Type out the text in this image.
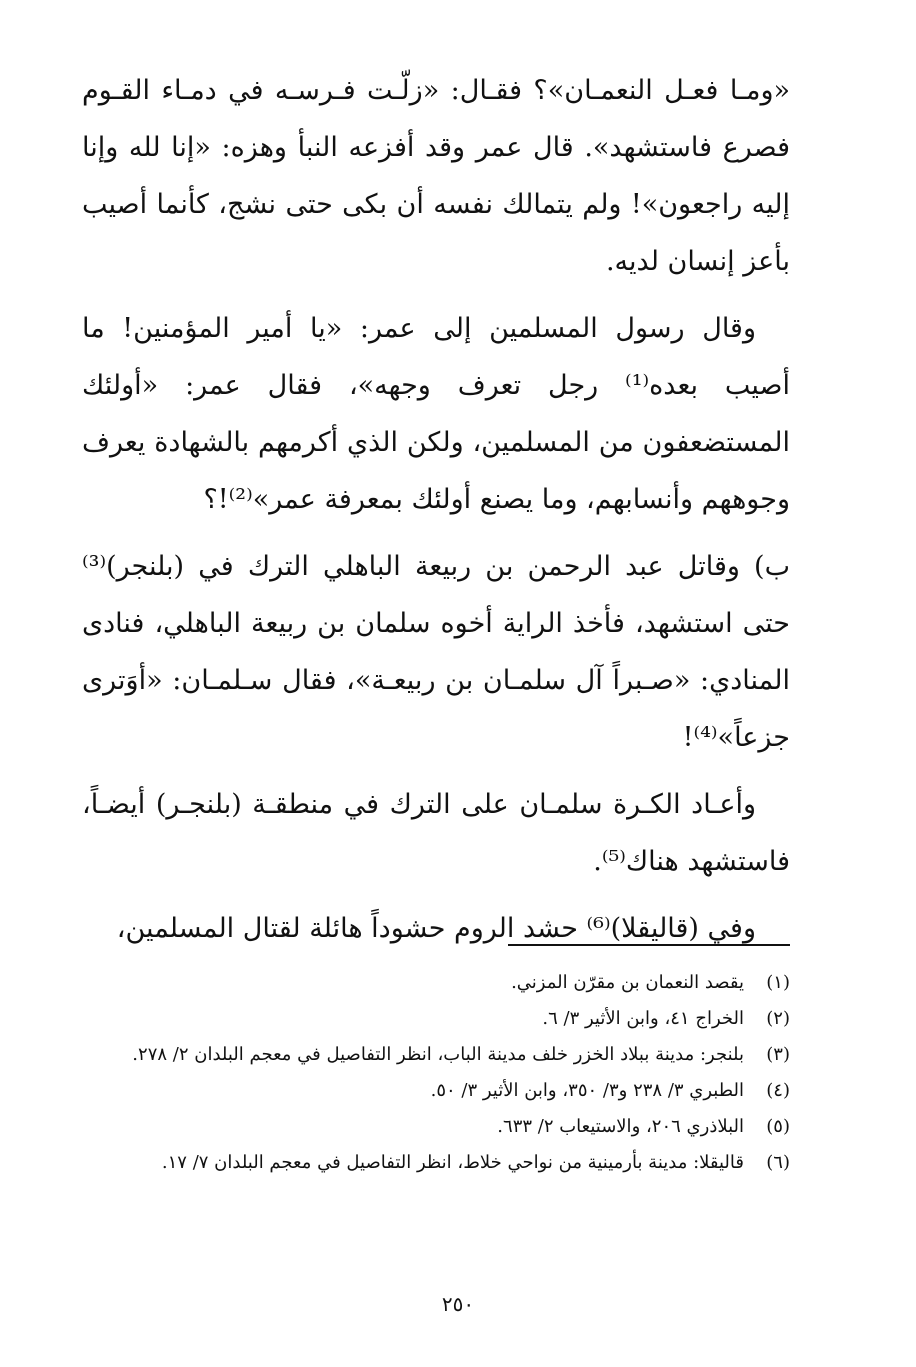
«ومـا فعـل النعمـان»؟ فقـال: «زلّـت فـرسـه في دمـاء القـوم فصرع فاستشهد». قال عمر وقد أفزعه النبأ وهزه: «إنا لله وإنا إليه راجعون»! ولم يتمالك نفسه أن بكى حتى نشج، كأنما أصيب بأعز إنسان لديه.

وقال رسول المسلمين إلى عمر: «يا أمير المؤمنين! ما أصيب بعده⁽¹⁾ رجل تعرف وجهه»، فقال عمر: «أولئك المستضعفون من المسلمين، ولكن الذي أكرمهم بالشهادة يعرف وجوههم وأنسابهم، وما يصنع أولئك بمعرفة عمر»⁽²⁾!؟

ب) وقاتل عبد الرحمن بن ربيعة الباهلي الترك في (بلنجر)⁽³⁾ حتى استشهد، فأخذ الراية أخوه سلمان بن ربيعة الباهلي، فنادى المنادي: «صـبراً آل سلمـان بن ربيعـة»، فقال سـلمـان: «أوَترى جزعاً»⁽⁴⁾!

وأعـاد الكـرة سلمـان على الترك في منطقـة (بلنجـر) أيضـاً، فاستشهد هناك⁽⁵⁾.

وفي (قاليقلا)⁽⁶⁾ حشد الروم حشوداً هائلة لقتال المسلمين،

(١)
يقصد النعمان بن مقرّن المزني.
(٢)
الخراج ٤١، وابن الأثير ٣/ ٦.
(٣)
بلنجر: مدينة ببلاد الخزر خلف مدينة الباب، انظر التفاصيل في معجم البلدان ٢/ ٢٧٨.
(٤)
الطبري ٣/ ٢٣٨ و٣/ ٣٥٠، وابن الأثير ٣/ ٥٠.
(٥)
البلاذري ٢٠٦، والاستيعاب ٢/ ٦٣٣.
(٦)
قاليقلا: مدينة بأرمينية من نواحي خلاط، انظر التفاصيل في معجم البلدان ٧/ ١٧.
٢٥٠
